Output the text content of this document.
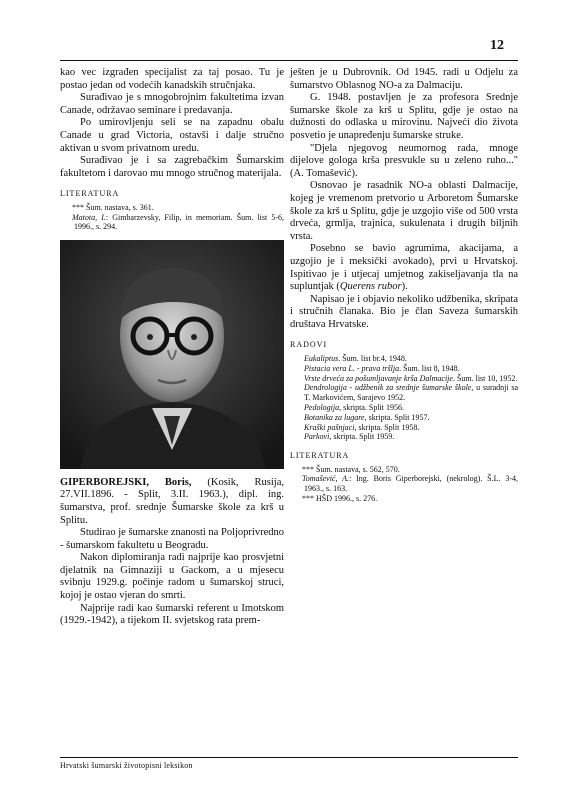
12

kao vec izgrađen specijalist za taj posao. Tu je postao jedan od vodećih kanadskih stručnjaka.

Surađivao je s mnogobrojnim fakultetima izvan Canade, održavao seminare i predavanja.

Po umirovljenju seli se na zapadnu obalu Canade u grad Victoria, ostavši i dalje stručno aktivan u svom privatnom uredu.

Surađivao je i sa zagrebačkim Šumarskim fakultetom i darovao mu mnogo stručnog materijala.

LITERATURA

*** Šum. nastava, s. 361.

Matota, I.: Gimbarzevsky, Filip, in memoriam. Šum. list 5-6, 1996., s. 294.

GIPERBOREJSKI, Boris, (Kosik, Rusija, 27.VII.1896. - Split, 3.II. 1963.), dipl. ing. šumarstva, prof. srednje Šumarske škole za krš u Splitu.

Studirao je šumarske znanosti na Poljoprivredno - šumarskom fakultetu u Beogradu.

Nakon diplomiranja radi najprije kao prosvjetni djelatnik na Gimnaziji u Gackom, a u mjesecu svibnju 1929.g. počinje radom u šumarskoj struci, kojoj je ostao vjeran do smrti.

Najprije radi kao šumarski referent u Imotskom (1929.-1942), a tijekom II. svjetskog rata prem-

ješten je u Dubrovnik. Od 1945. radi u Odjelu za šumarstvo Oblasnog NO-a za Dalmaciju.

G. 1948. postavljen je za profesora Srednje šumarske škole za krš u Splitu, gdje je ostao na dužnosti do odlaska u mirovinu. Najveći dio života posvetio je unapređenju šumarske struke.

"Djela njegovog neumornog rada, mnoge dijelove gologa krša presvukle su u zeleno ruho..." (A. Tomašević).

Osnovao je rasadnik NO-a oblasti Dalmacije, kojeg je vremenom pretvorio u Arboretom Šumarske škole za krš u Splitu, gdje je uzgojio više od 500 vrsta drveća, grmlja, trajnica, sukulenata i drugih biljnih vrsta.

Posebno se bavio agrumima, akacijama, a uzgojio je i meksički avokado), prvi u Hrvatskoj. Ispitivao je i utjecaj umjetnog zakiseljavanja tla na supluntjak (Querens rubor).

Napisao je i objavio nekoliko udžbenika, skripata i stručnih članaka. Bio je član Saveza šumarskih društava Hrvatske.

RADOVI

Eukaliptus. Šum. list br.4, 1948.

Pistacia vera L. - prava tršlja. Šum. list 8, 1948.

Vrste drveća za pošumljavanje krša Dalmacije. Šum. list 10, 1952.

Dendrologija - udžbenik za srednje šumarske škole, u suradnji sa T. Markovićem, Sarajevo 1952.

Pedologija, skripta. Split 1956.

Botanika za lugare, skripta. Split 1957.

Kraški pašnjaci, skripta. Split 1958.

Parkovi, skripta. Split 1959.

LITERATURA

*** Šum. nastava, s. 562, 570.

Tomašević, A.: Ing. Boris Giperborejski, (nekrolog). Š.L. 3-4, 1963., s. 163.

*** HŠD 1996., s. 276.

Hrvatski šumarski životopisni leksikon
